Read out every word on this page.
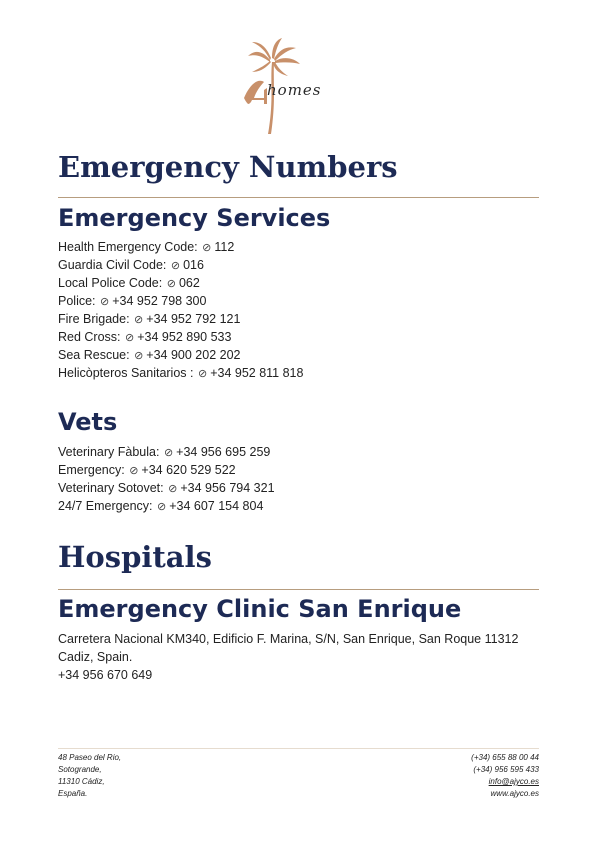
homes
Emergency Numbers
Emergency Services
Health Emergency Code: ⊘ 112
Guardia Civil Code: ⊘ 016
Local Police Code: ⊘ 062
Police: ⊘ +34 952 798 300
Fire Brigade: ⊘ +34 952 792 121
Red Cross: ⊘ +34 952 890 533
Sea Rescue: ⊘ +34 900 202 202
Helicòpteros Sanitarios : ⊘ +34 952 811 818
Vets
Veterinary Fàbula: ⊘ +34 956 695 259
Emergency: ⊘ +34 620 529 522
Veterinary Sotovet: ⊘ +34 956 794 321
24/7 Emergency: ⊘ +34 607 154 804
Hospitals
Emergency Clinic San Enrique
Carretera Nacional KM340, Edificio F. Marina, S/N, San Enrique, San Roque 11312
Cadiz, Spain.
+34 956 670 649
48 Paseo del Rio,
Sotogrande,
11310 Cádiz,
España.
(+34) 655 88 00 44
(+34) 956 595 433
info@ajyco.es
www.ajyco.es
